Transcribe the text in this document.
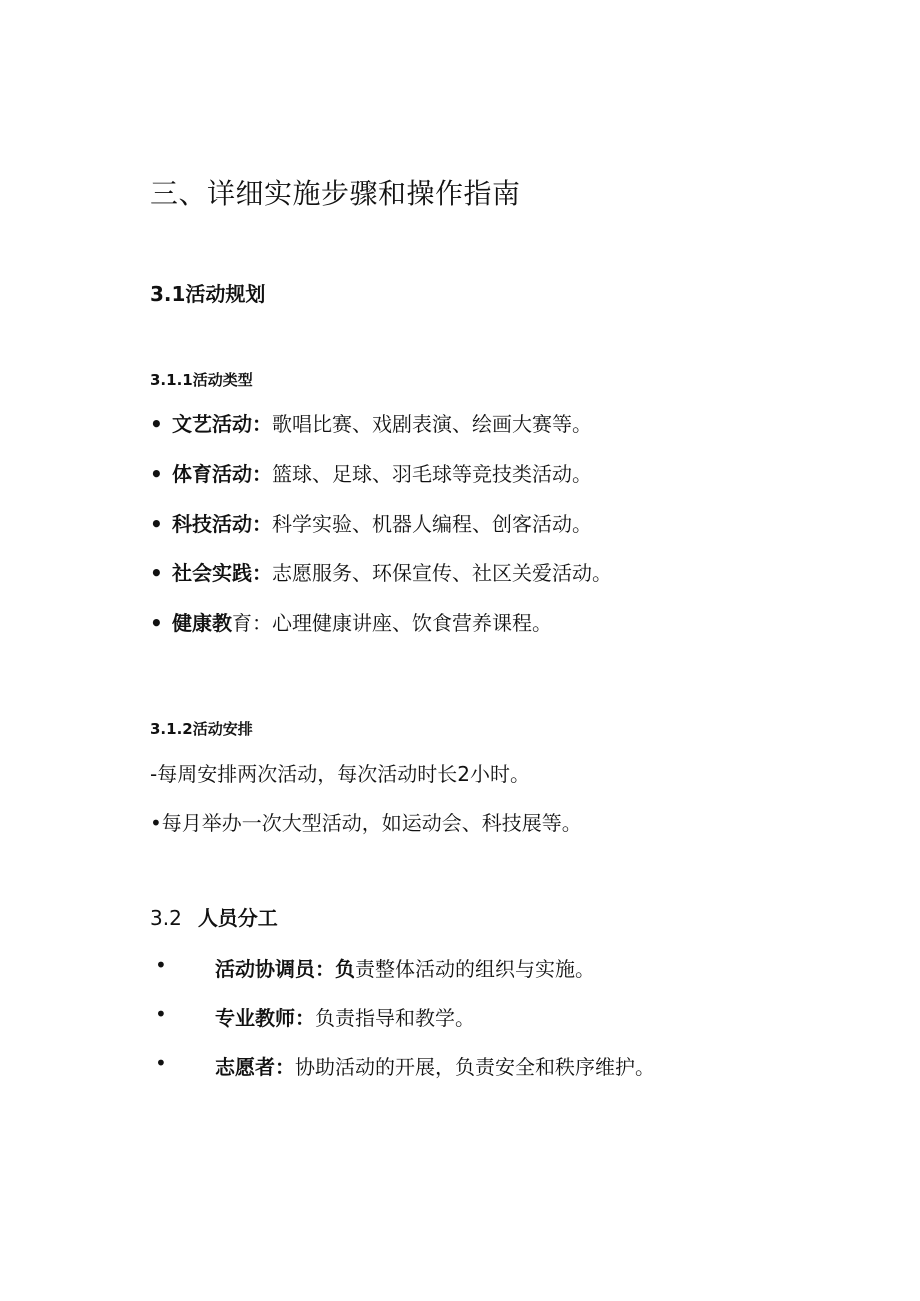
三、详细实施步骤和操作指南
3.1活动规划
3.1.1活动类型
• 文艺活动：歌唱比赛、戏剧表演、绘画大赛等。
• 体育活动：篮球、足球、羽毛球等竞技类活动。
• 科技活动：科学实验、机器人编程、创客活动。
• 社会实践：志愿服务、环保宣传、社区关爱活动。
• 健康教育：心理健康讲座、饮食营养课程。
3.1.2活动安排
-每周安排两次活动，每次活动时长2小时。
•每月举办一次大型活动，如运动会、科技展等。
3.2 人员分工
• 活动协调员：负责整体活动的组织与实施。
• 专业教师：负责指导和教学。
• 志愿者：协助活动的开展，负责安全和秩序维护。
